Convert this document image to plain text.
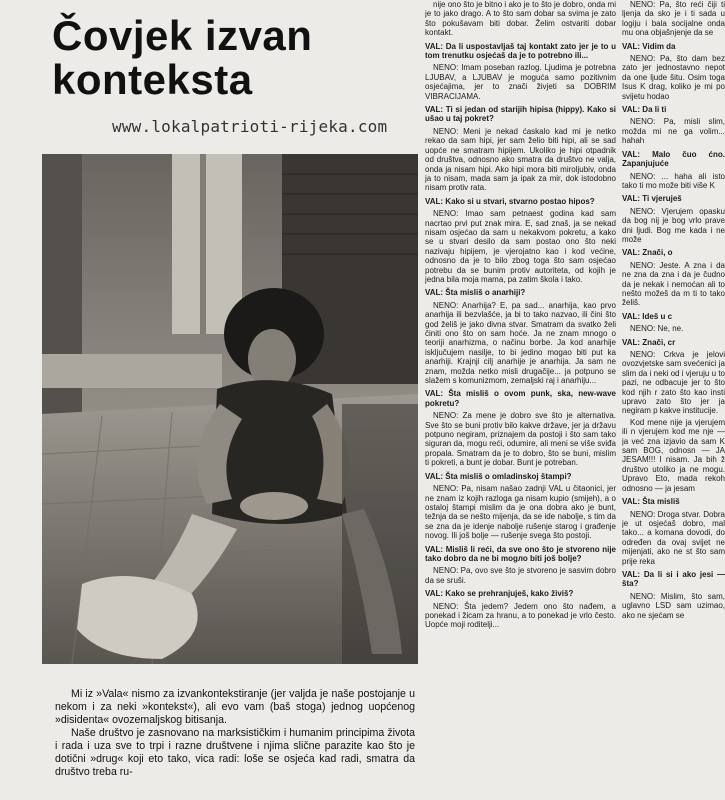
Čovjek izvan
konteksta
www.lokalpatrioti-rijeka.com

Mi iz »Vala« nismo za izvankontekstiranje (jer valjda je naše postojanje u nekom i za neki »kontekst«), ali evo vam (baš stoga) jednog uopćenog »disidenta« ovozemaljskog bitisanja.

Naše društvo je zasnovano na marksističkim i humanim principima života i rada i uza sve to trpi i razne društvene i njima slične parazite kao što je dotični »drug« koji eto tako, vica radi: loše se osjeća kad radi, smatra da društvo treba ru-

nije ono što je bitno i ako je to što je dobro, onda mi je to jako drago. A to što sam dobar sa svima je zato što pokušavam biti dobar. Želim ostvariti dobar kontakt.

VAL: Da li uspostavljaš taj kontakt zato jer je to u tom trenutku osjećaš da je to potrebno ili...

NENO: Imam poseban razlog. Ljudima je potrebna LJUBAV, a LJUBAV je moguća samo pozitivnim osjećajima, jer to znači živjeti sa DOBRIM VIBRACIJAMA.

VAL: Ti si jedan od starijih hipisa (hippy). Kako si ušao u taj pokret?

NENO: Meni je nekad ćaskalo kad mi je netko rekao da sam hipi, jer sam želio biti hipi, ali se sad uopće ne smatram hipijem. Ukoliko je hipi otpadnik od društva, odnosno ako smatra da društvo ne valja, onda ja nisam hipi. Ako hipi mora biti miroljubiv, onda ja to nisam, mada sam ja ipak za mir, dok istodobno nisam protiv rata.

VAL: Kako si u stvari, stvarno postao hipos?

NENO: Imao sam petnaest godina kad sam nacrtao prvi put znak mira. E, sad znaš, ja se nekad nisam osjećao da sam u nekakvom pokretu, a kako se u stvari desilo da sam postao ono što neki nazivaju hipijem, je vjerojatno kao i kod većine, odnosno da je to bilo zbog toga što sam osjećao potrebu da se bunim protiv autoriteta, od kojih je jedna bila moja mama, pa zatim škola i tako.

VAL: Šta misliš o anarhiji?

NENO: Anarhija? E, pa sad... anarhija, kao prvo anarhija ili bezvlašće, ja bi to tako nazvao, ili čini što god želiš je jako divna stvar. Smatram da svatko želi činiti ono što on sam hoće. Ja ne znam mnogo o teoriji anarhizma, o načinu borbe. Ja kod anarhije isključujem nasilje, to bi jedino mogao biti put ka anarhiji. Krajnji cilj anarhije je anarhija. Ja sam ne znam, možda netko misli drugačije... ja potpuno se slažem s komunizmom, zemaljski raj i anarhiju...

VAL: Šta misliš o ovom punk, ska, new-wave pokretu?

NENO: Za mene je dobro sve što je alternativa. Sve što se buni protiv bilo kakve države, jer ja državu potpuno negiram, priznajem da postoji i što sam tako siguran da, mogu reći, odumire, ali meni se više sviđa propala. Smatram da je to dobro, što se buni, mislim ti pokreti, a bunt je dobar. Bunt je potreban.

VAL: Šta misliš o omladinskoj štampi?

NENO: Pa, nisam našao zadnji VAL u čitaonici, jer ne znam iz kojih razloga ga nisam kupio (smijeh), a o ostaloj štampi mislim da je ona dobra ako je bunt, težnja da se nešto mijenja, da se ide naboljе, s tim da se zna da je idenje nabolje rušenje starog i građenje novog. Ili još bolje — rušenje svega što postoji.

VAL: Misliš li reći, da sve ono što je stvoreno nije tako dobro da ne bi mogло biti još bolje?

NENO: Pa, ovo sve što je stvoreno je sasvim dobro da se sruši.

VAL: Kako se prehranjuješ, kako živiš?

NENO: Šta jedem? Jedem ono što nađem, a ponekad i žicam za hranu, a to ponekad je vrlo često. Uopće moji roditelji...

NENO: Pa, što reći čiji ti ljenja da sko je i ti sada u logiju i bala socijalne onda mu ona objašnjenje da se

VAL: Vidim da

NENO: Pa, što dam bez zato jer jednostavno nepot da one ljude šitu. Osim toga Isus K drag, koliko je mi po svijetu hodao

VAL: Da li ti

NENO: Pa, misli slim, možda mi ne ga volim... hahah

VAL: Malo čuo ćno. Zapanjujuće

NENO: ... haha ali isto tako ti mo može biti više K

VAL: Ti vjeruješ

NENO: Vjerujem opasku da bog nij je bog vrlo prave dni ljudi. Bog me kada i ne može

VAL: Znači, o

NENO: Jeste. A zna i da ne zna da zna i da je čudno da je nekak i nemoćan ali to nešto možeš da m ti to tako želiš.

VAL: Ideš u c

NENO: Ne, ne.

VAL: Znači, cr

NENO: Crkva je jelovi ovozvjetske sam svećenici ja slim da i neki od i vjeruju u to pazi, ne odbacuje jer to što kod njih r zato što kao insti upravo zato što jer ja negiram p kakve institucije.

Kod mene nije ja vjerujem ili n vjerujem kod me nje — ja već zna izjavio da sam K sam BOG, odnosn — JA JESAM!!! I nisam. Ja bih ž društvo utoliko ja ne mogu. Upravo Eto, mada rekoh odnosno — ja jesam

VAL: Šta misliš

NENO: Droga stvar. Dobra je ut osjećaš dobro, mal tako... a komana dovodi, do određen da ovaj svijet ne mijenjati, ako ne st što sam prije reka

VAL: Da li si i ako jesi — šta?

NENO: Mislim, što sam, uglavno LSD sam uzimao, ako ne sjećam se
